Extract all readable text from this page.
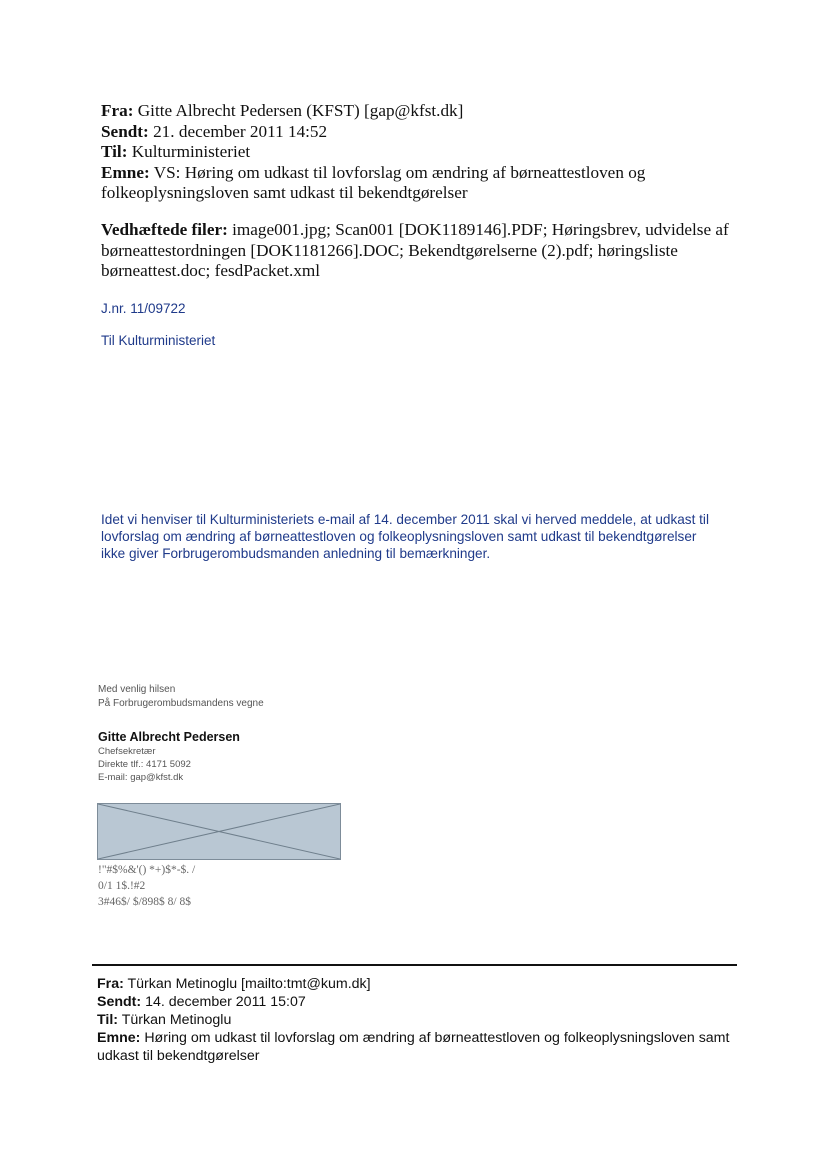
Fra: Gitte Albrecht Pedersen (KFST) [gap@kfst.dk]
Sendt: 21. december 2011 14:52
Til: Kulturministeriet
Emne: VS: Høring om udkast til lovforslag om ændring af børneattestloven og
folkeoplysningsloven samt udkast til bekendtgørelser
Vedhæftede filer: image001.jpg; Scan001 [DOK1189146].PDF; Høringsbrev, udvidelse af
børneattestordningen [DOK1181266].DOC; Bekendtgørelserne (2).pdf; høringsliste
børneattest.doc; fesdPacket.xml
J.nr. 11/09722
Til Kulturministeriet
Idet vi henviser til Kulturministeriets e-mail af 14. december 2011 skal vi herved meddele, at udkast til
lovforslag om ændring af børneattestloven og folkeoplysningsloven samt udkast til bekendtgørelser
ikke giver Forbrugerombudsmanden anledning til bemærkninger.
Med venlig hilsen
På Forbrugerombudsmandens vegne
Gitte Albrecht Pedersen
Chefsekretær
Direkte tlf.: 4171 5092
E-mail: gap@kfst.dk
!"#$%&'() *+)$*-$. /
0/1 1$.!#2
3#46$/ $/898$ 8/ 8$
Fra: Türkan Metinoglu [mailto:tmt@kum.dk]
Sendt: 14. december 2011 15:07
Til: Türkan Metinoglu
Emne: Høring om udkast til lovforslag om ændring af børneattestloven og folkeoplysningsloven samt
udkast til bekendtgørelser
